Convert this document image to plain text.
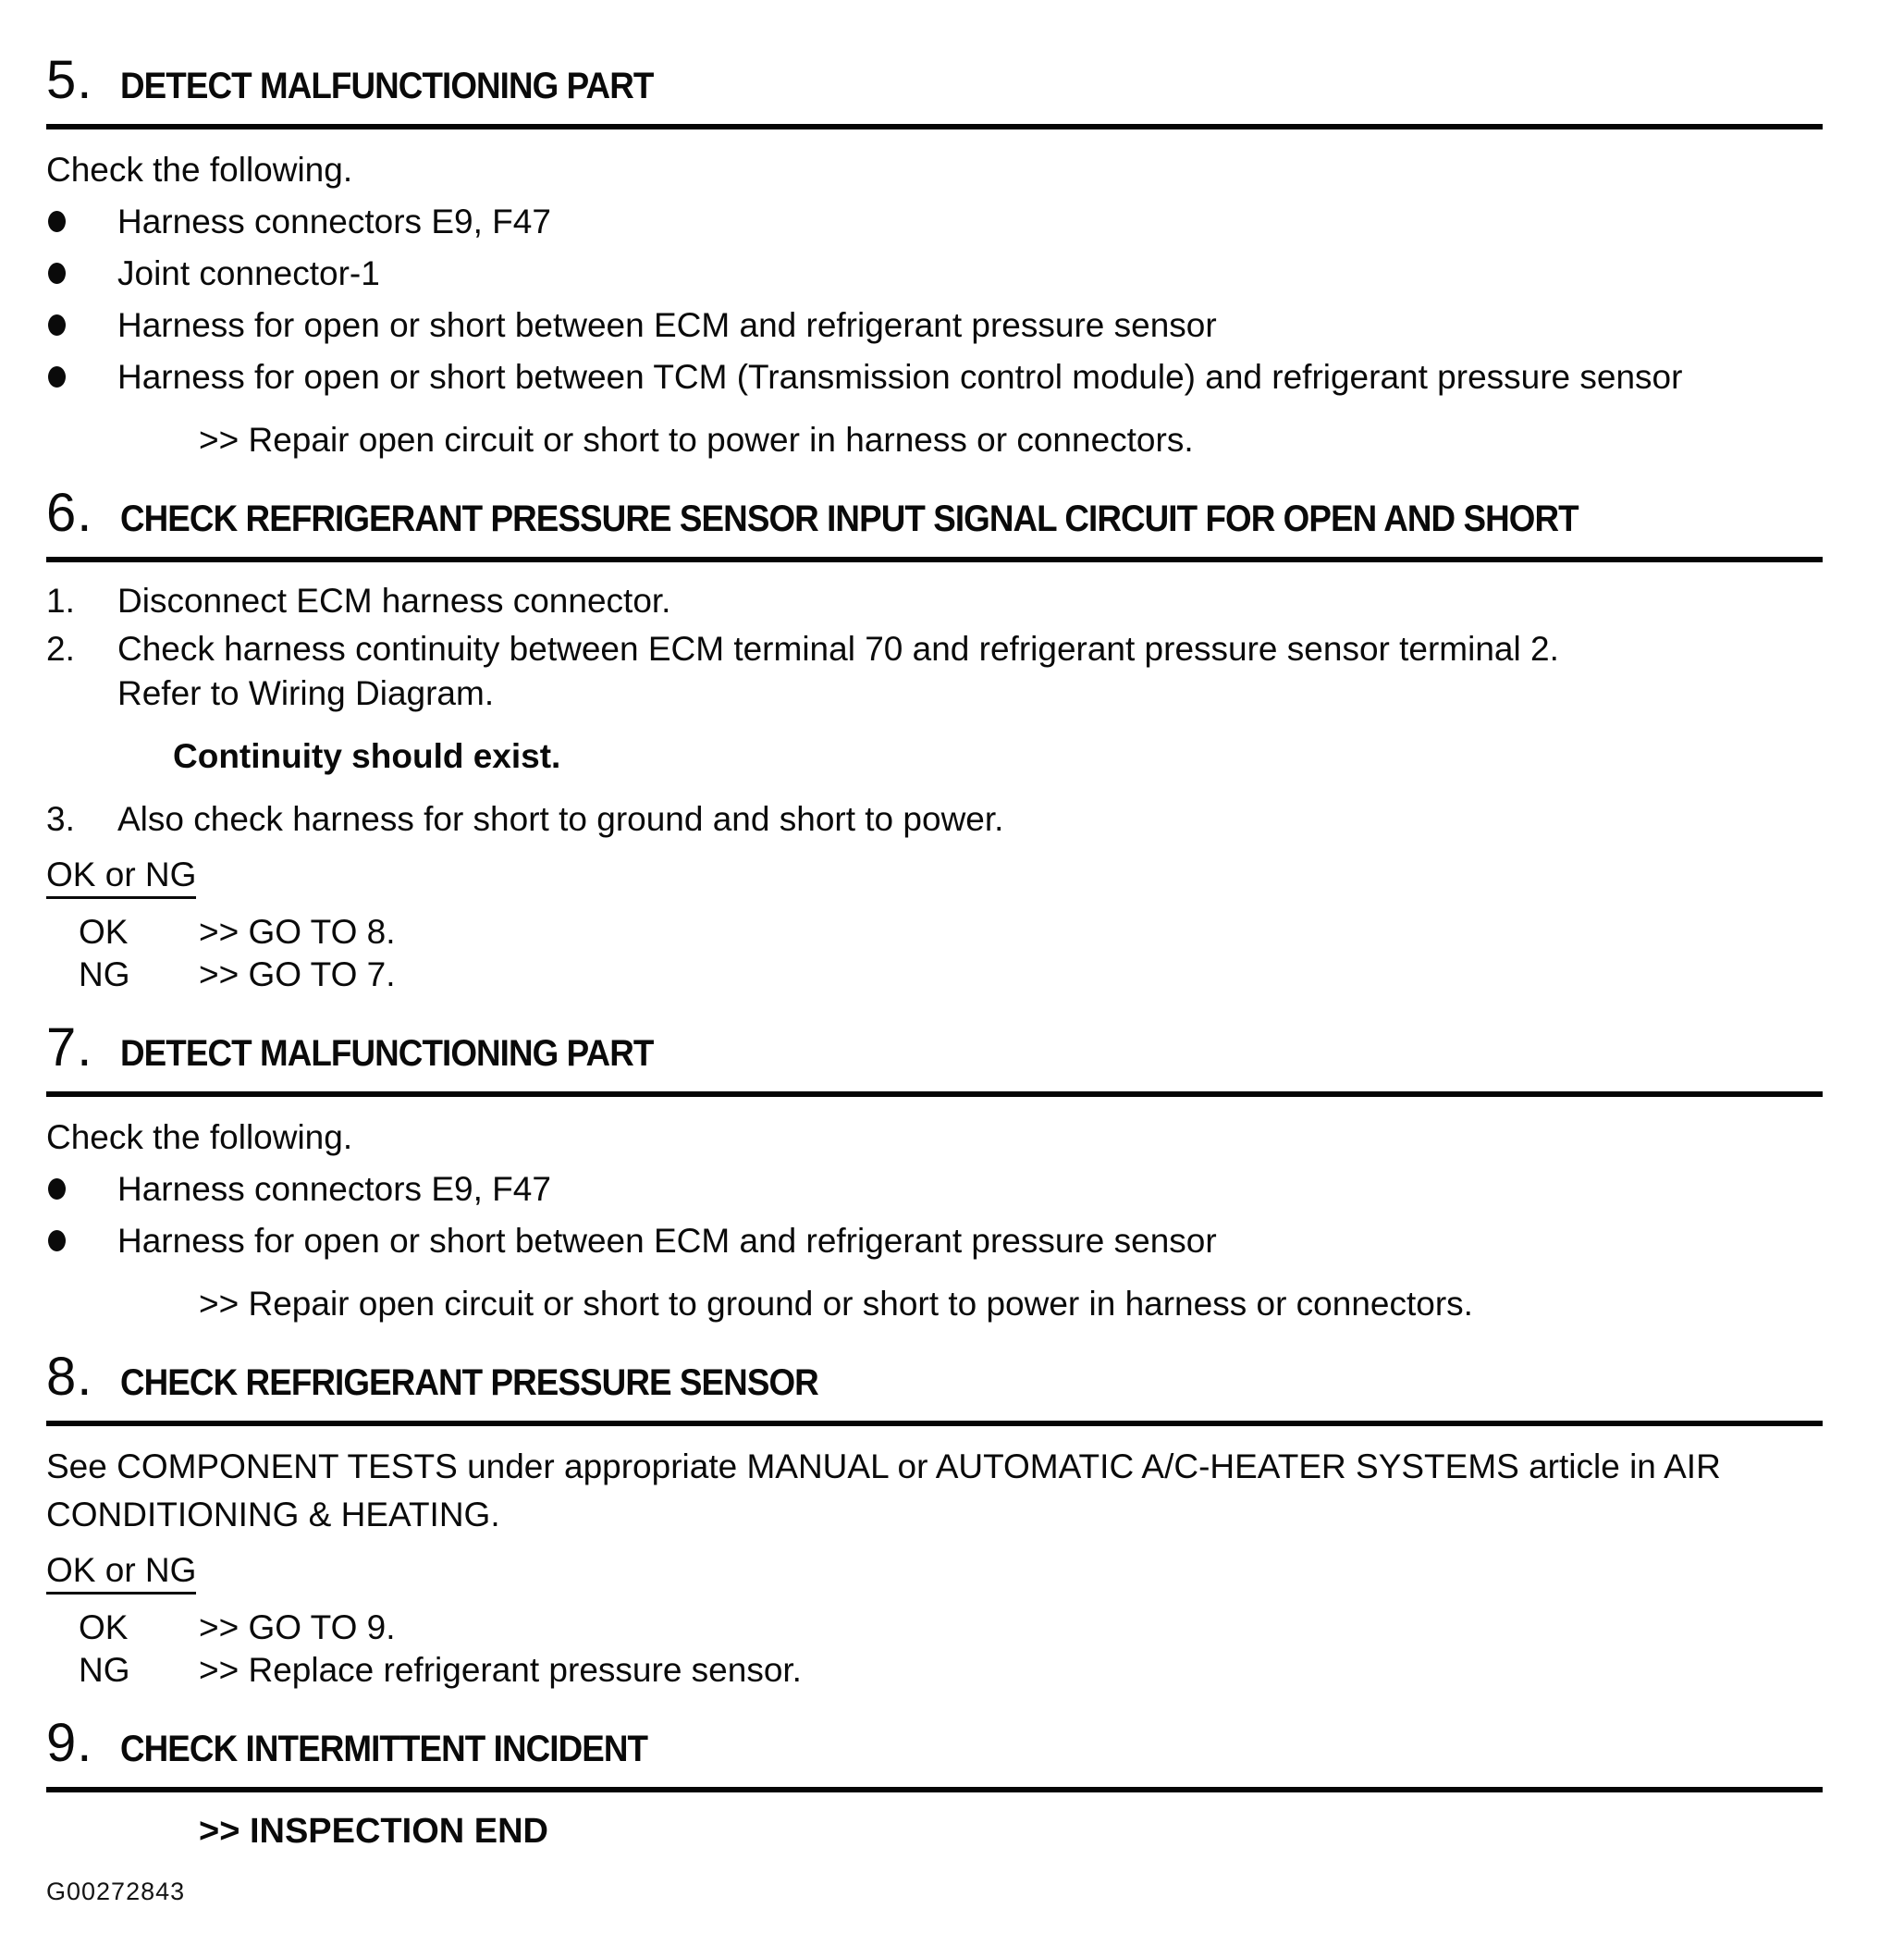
5. DETECT MALFUNCTIONING PART
Check the following.
Harness connectors E9, F47
Joint connector-1
Harness for open or short between ECM and refrigerant pressure sensor
Harness for open or short between TCM (Transmission control module) and refrigerant pressure sensor
>> Repair open circuit or short to power in harness or connectors.
6. CHECK REFRIGERANT PRESSURE SENSOR INPUT SIGNAL CIRCUIT FOR OPEN AND SHORT
1.	Disconnect ECM harness connector.
2.	Check harness continuity between ECM terminal 70 and refrigerant pressure sensor terminal 2.
Refer to Wiring Diagram.
Continuity should exist.
3.	Also check harness for short to ground and short to power.
OK or NG
OK	>> GO TO 8.
NG	>> GO TO 7.
7. DETECT MALFUNCTIONING PART
Check the following.
Harness connectors E9, F47
Harness for open or short between ECM and refrigerant pressure sensor
>> Repair open circuit or short to ground or short to power in harness or connectors.
8. CHECK REFRIGERANT PRESSURE SENSOR
See COMPONENT TESTS under appropriate MANUAL or AUTOMATIC A/C-HEATER SYSTEMS article in AIR
CONDITIONING & HEATING.
OK or NG
OK	>> GO TO 9.
NG	>> Replace refrigerant pressure sensor.
9. CHECK INTERMITTENT INCIDENT
>> INSPECTION END
G00272843
